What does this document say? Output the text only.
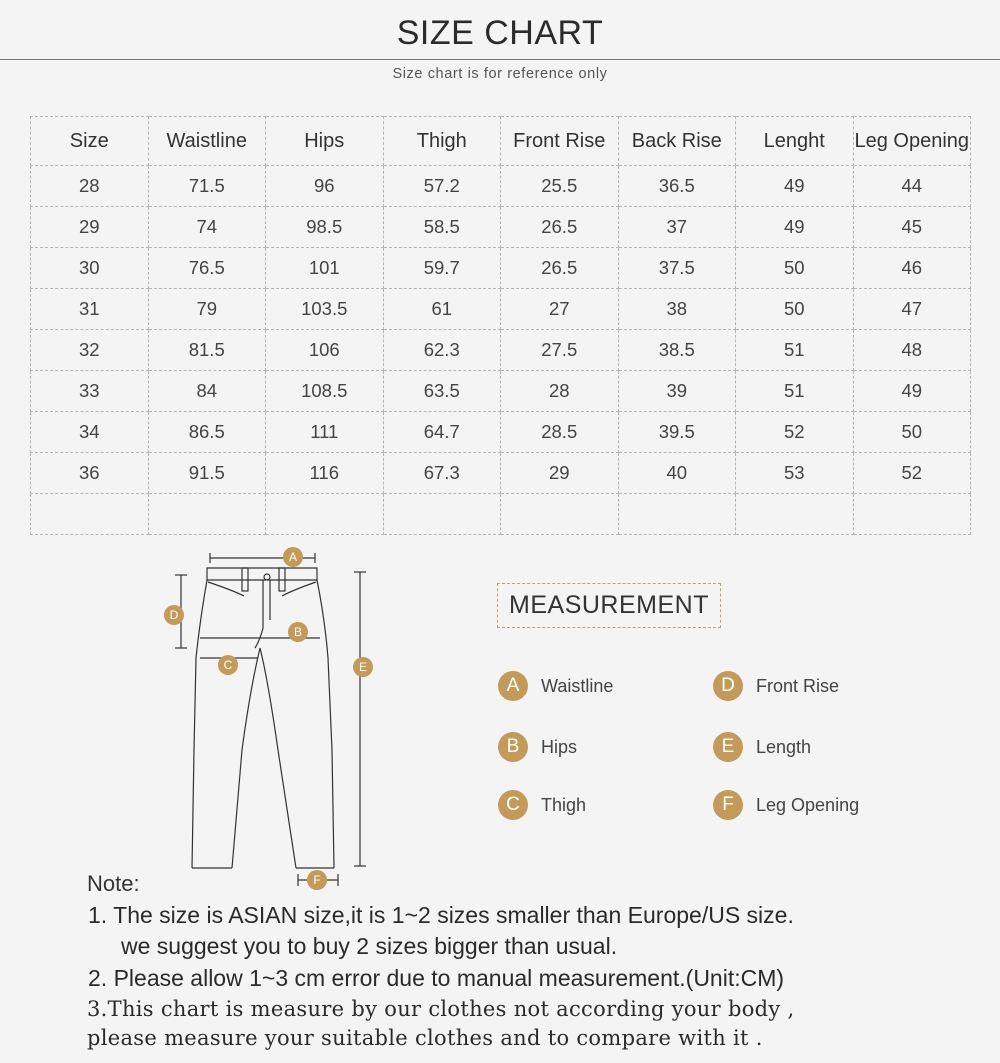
SIZE CHART
Size chart is for reference only
Size	Waistline	Hips	Thigh	Front Rise	Back Rise	Lenght	Leg Opening
28	71.5	96	57.2	25.5	36.5	49	44
29	74	98.5	58.5	26.5	37	49	45
30	76.5	101	59.7	26.5	37.5	50	46
31	79	103.5	61	27	38	50	47
32	81.5	106	62.3	27.5	38.5	51	48
33	84	108.5	63.5	28	39	51	49
34	86.5	111	64.7	28.5	39.5	52	50
36	91.5	116	67.3	29	40	53	52

A
B
C
D
E
F
MEASUREMENT
A	Waistline
B	Hips
C	Thigh
D	Front Rise
E	Length
F	Leg Opening
Note:
1. The size is ASIAN size,it is 1~2 sizes smaller than Europe/US size.
we suggest you to buy 2 sizes bigger than usual.
2. Please allow 1~3 cm error due to manual measurement.(Unit:CM)
3.This chart is measure by our clothes not according your body ,
please measure your suitable clothes and to compare with it .
